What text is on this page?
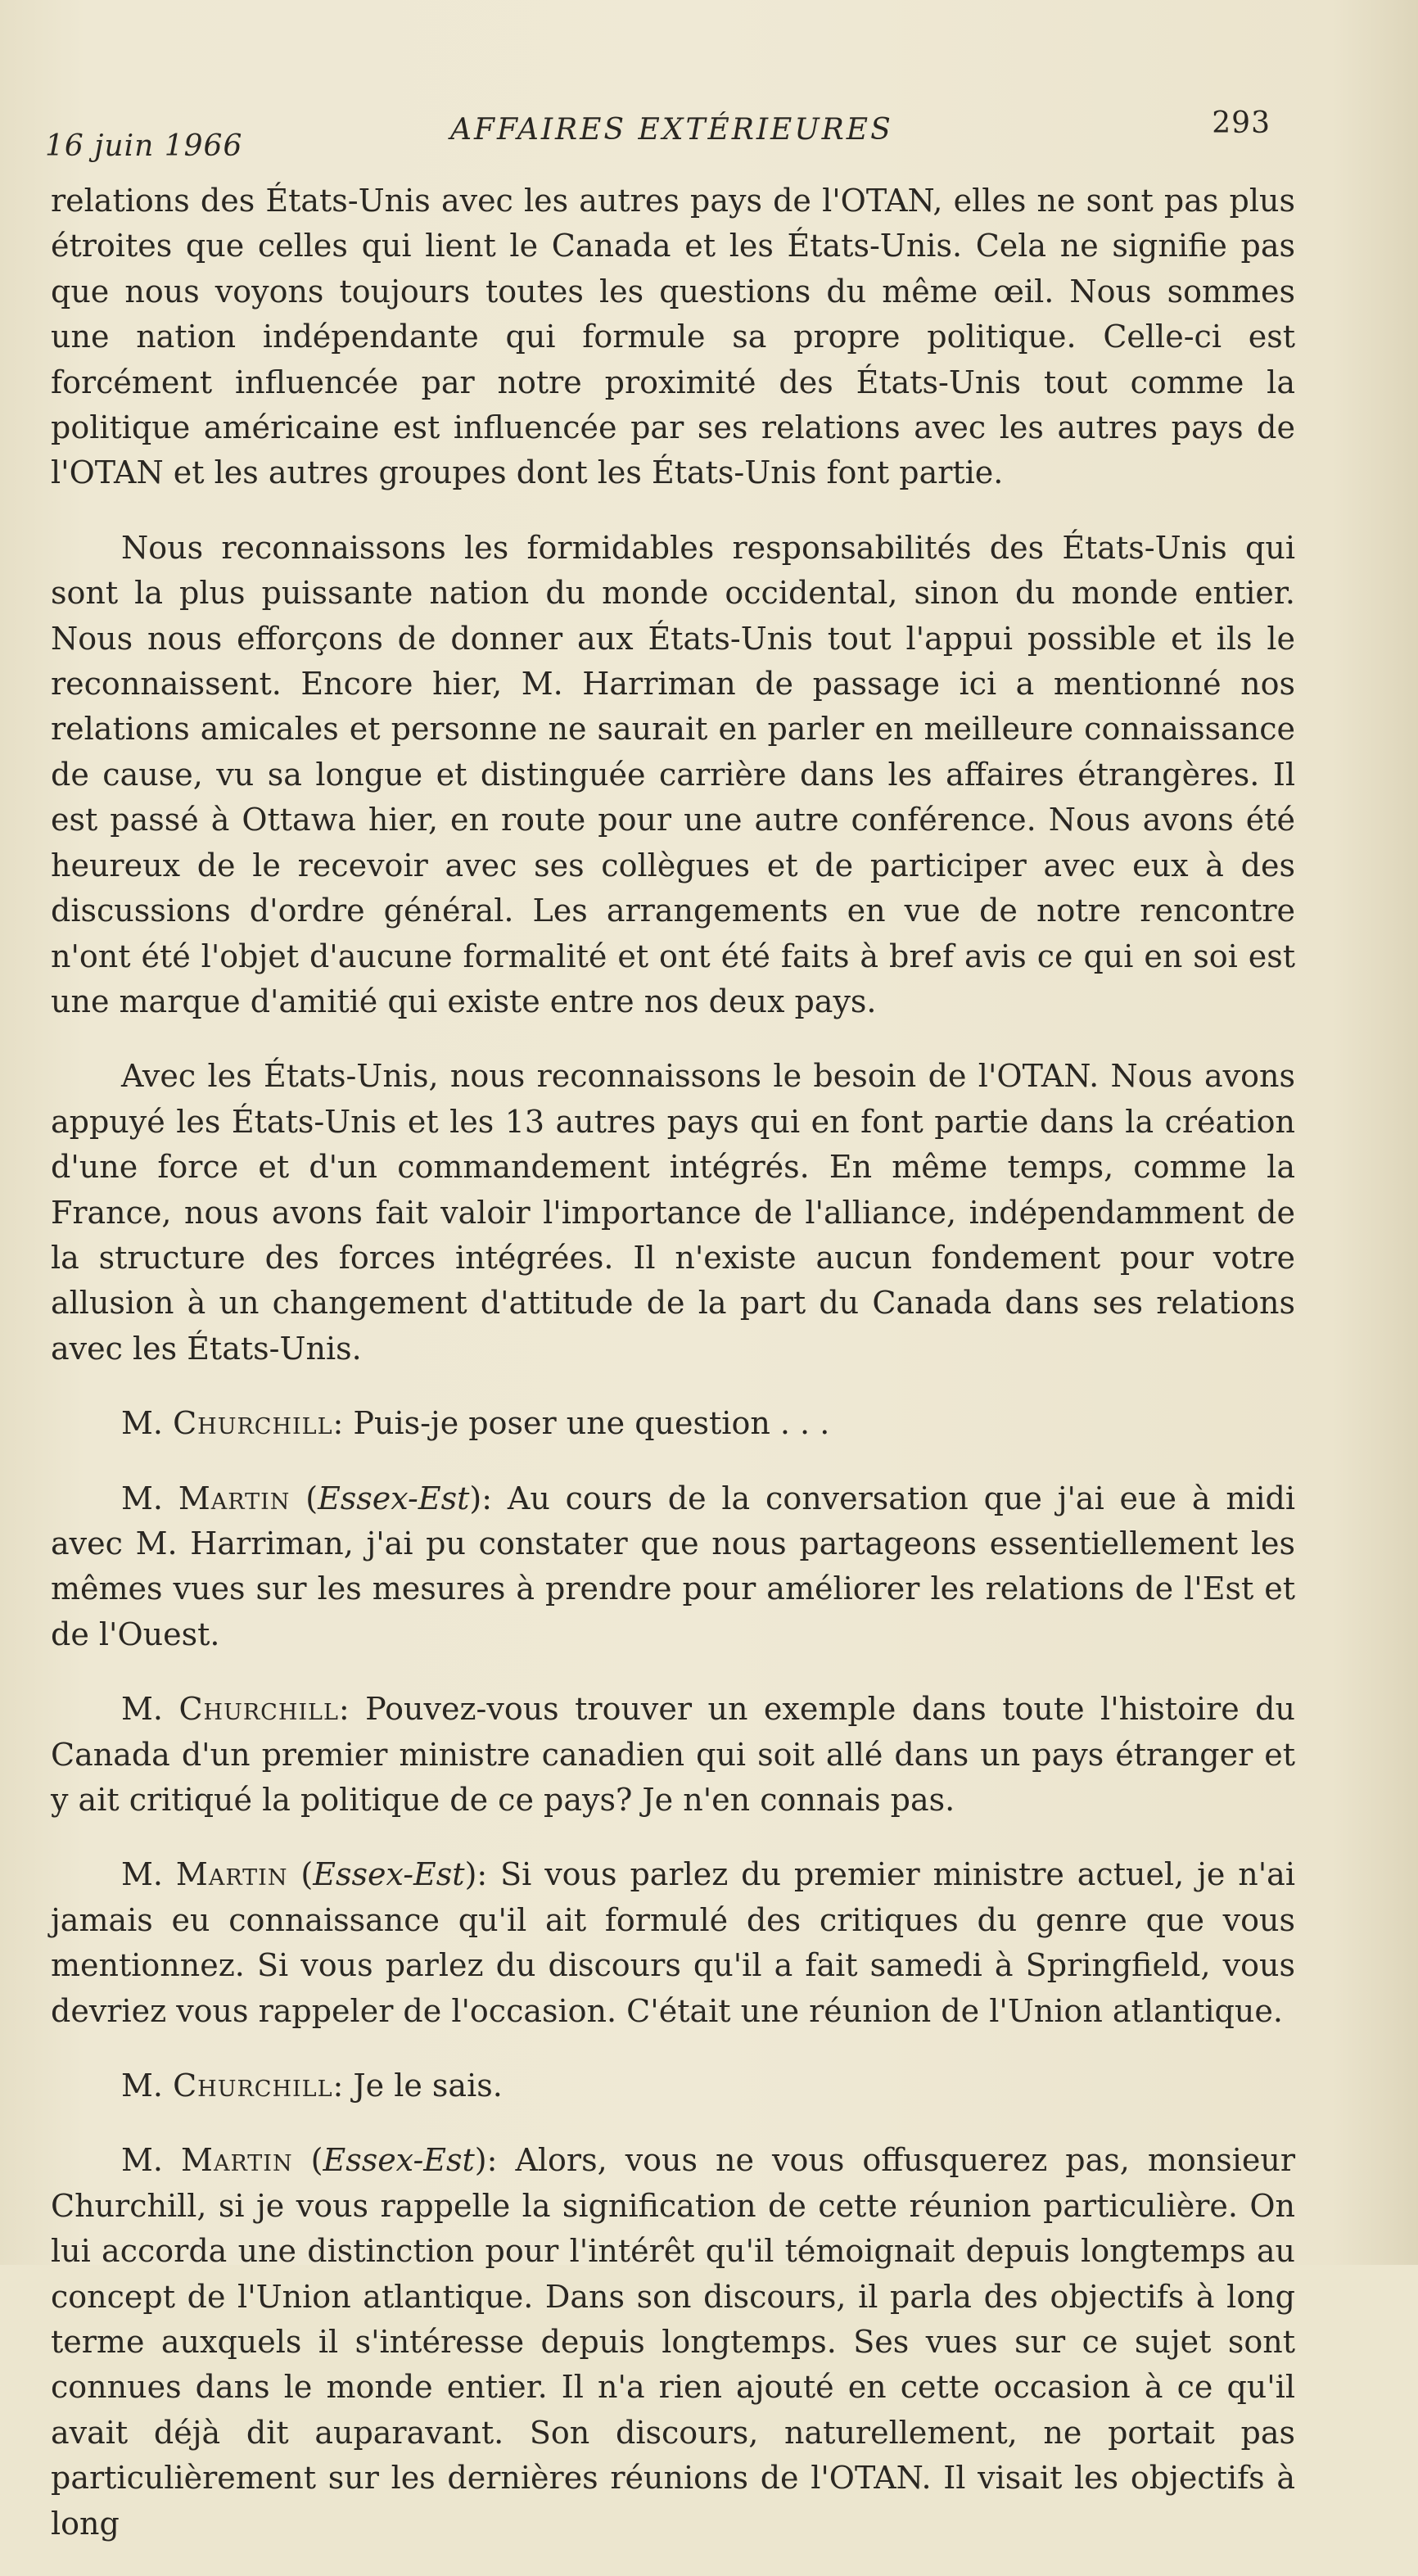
16 juin 1966	AFFAIRES EXTÉRIEURES	293

relations des États-Unis avec les autres pays de l'OTAN, elles ne sont pas plus étroites que celles qui lient le Canada et les États-Unis. Cela ne signifie pas que nous voyons toujours toutes les questions du même œil. Nous sommes une nation indépendante qui formule sa propre politique. Celle-ci est forcément influencée par notre proximité des États-Unis tout comme la politique américaine est influencée par ses relations avec les autres pays de l'OTAN et les autres groupes dont les États-Unis font partie.

Nous reconnaissons les formidables responsabilités des États-Unis qui sont la plus puissante nation du monde occidental, sinon du monde entier. Nous nous efforçons de donner aux États-Unis tout l'appui possible et ils le reconnaissent. Encore hier, M. Harriman de passage ici a mentionné nos relations amicales et personne ne saurait en parler en meilleure connaissance de cause, vu sa longue et distinguée carrière dans les affaires étrangères. Il est passé à Ottawa hier, en route pour une autre conférence. Nous avons été heureux de le recevoir avec ses collègues et de participer avec eux à des discussions d'ordre général. Les arrangements en vue de notre rencontre n'ont été l'objet d'aucune formalité et ont été faits à bref avis ce qui en soi est une marque d'amitié qui existe entre nos deux pays.

Avec les États-Unis, nous reconnaissons le besoin de l'OTAN. Nous avons appuyé les États-Unis et les 13 autres pays qui en font partie dans la création d'une force et d'un commandement intégrés. En même temps, comme la France, nous avons fait valoir l'importance de l'alliance, indépendamment de la structure des forces intégrées. Il n'existe aucun fondement pour votre allusion à un changement d'attitude de la part du Canada dans ses relations avec les États-Unis.

M. Churchill: Puis-je poser une question . . .

M. Martin (Essex-Est): Au cours de la conversation que j'ai eue à midi avec M. Harriman, j'ai pu constater que nous partageons essentiellement les mêmes vues sur les mesures à prendre pour améliorer les relations de l'Est et de l'Ouest.

M. Churchill: Pouvez-vous trouver un exemple dans toute l'histoire du Canada d'un premier ministre canadien qui soit allé dans un pays étranger et y ait critiqué la politique de ce pays? Je n'en connais pas.

M. Martin (Essex-Est): Si vous parlez du premier ministre actuel, je n'ai jamais eu connaissance qu'il ait formulé des critiques du genre que vous mentionnez. Si vous parlez du discours qu'il a fait samedi à Springfield, vous devriez vous rappeler de l'occasion. C'était une réunion de l'Union atlantique.

M. Churchill: Je le sais.

M. Martin (Essex-Est): Alors, vous ne vous offusquerez pas, monsieur Churchill, si je vous rappelle la signification de cette réunion particulière. On lui accorda une distinction pour l'intérêt qu'il témoignait depuis longtemps au concept de l'Union atlantique. Dans son discours, il parla des objectifs à long terme auxquels il s'intéresse depuis longtemps. Ses vues sur ce sujet sont connues dans le monde entier. Il n'a rien ajouté en cette occasion à ce qu'il avait déjà dit auparavant. Son discours, naturellement, ne portait pas particulièrement sur les dernières réunions de l'OTAN. Il visait les objectifs à long
